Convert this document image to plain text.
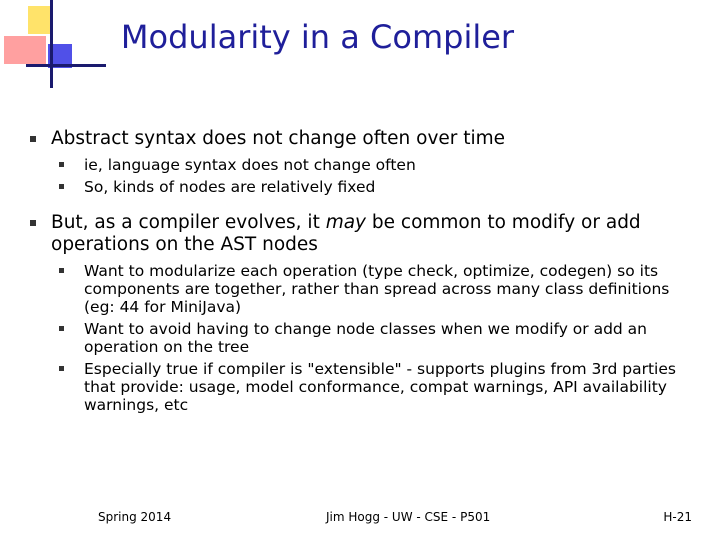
Modularity in a Compiler
Abstract syntax does not change often over time
ie, language syntax does not change often
So, kinds of nodes are relatively fixed
But, as a compiler evolves, it may be common to modify or add operations on the AST nodes
Want to modularize each operation (type check, optimize, codegen) so its components are together, rather than spread across many class definitions (eg: 44 for MiniJava)
Want to avoid having to change node classes when we modify or add an operation on the tree
Especially true if compiler is "extensible" - supports plugins from 3rd parties that provide: usage, model conformance, compat warnings, API availability warnings, etc
Spring 2014	Jim Hogg - UW - CSE - P501	H-21
